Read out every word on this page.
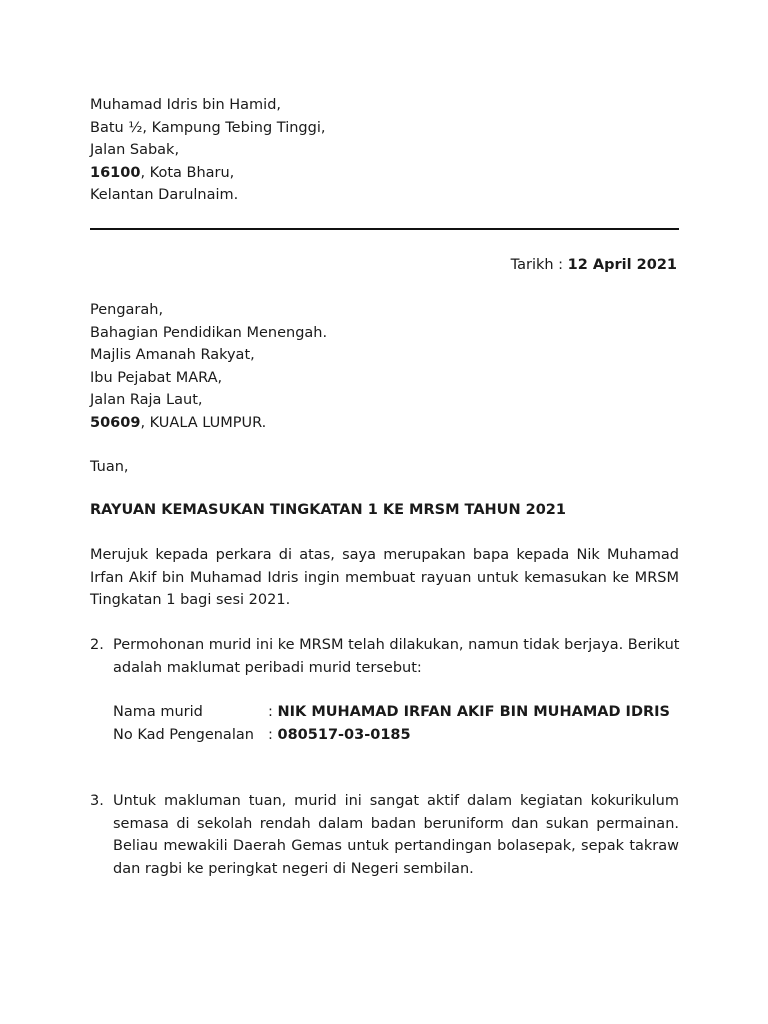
Muhamad Idris bin Hamid,
Batu ½, Kampung Tebing Tinggi,
Jalan Sabak,
16100, Kota Bharu,
Kelantan Darulnaim.
Tarikh : 12 April 2021
Pengarah,
Bahagian Pendidikan Menengah.
Majlis Amanah Rakyat,
Ibu Pejabat MARA,
Jalan Raja Laut,
50609, KUALA LUMPUR.
Tuan,
RAYUAN KEMASUKAN TINGKATAN 1 KE MRSM TAHUN 2021
Merujuk kepada perkara di atas, saya merupakan bapa kepada Nik Muhamad Irfan Akif bin Muhamad Idris ingin membuat rayuan untuk kemasukan ke MRSM Tingkatan 1 bagi sesi 2021.
2. Permohonan murid ini ke MRSM telah dilakukan, namun tidak berjaya. Berikut
adalah maklumat peribadi murid tersebut:
Nama murid	: NIK MUHAMAD IRFAN AKIF BIN MUHAMAD IDRIS
No Kad Pengenalan : 080517-03-0185
3. Untuk makluman tuan, murid ini sangat aktif dalam kegiatan kokurikulum semasa di sekolah rendah dalam badan beruniform dan sukan permainan. Beliau mewakili Daerah Gemas untuk pertandingan bolasepak, sepak takraw dan ragbi ke peringkat negeri di Negeri sembilan.
